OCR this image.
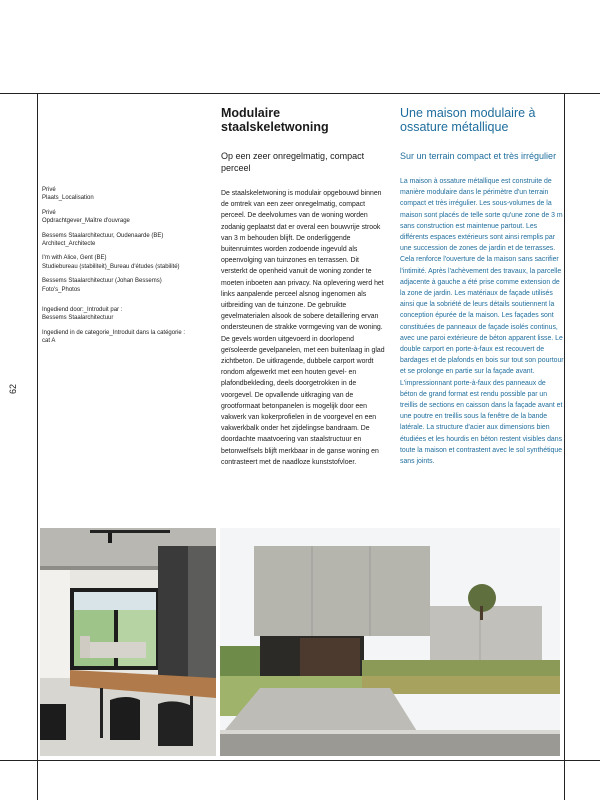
62
Privé
Plaats_Localisation
Privé
Opdrachtgever_Maître d'ouvrage
Bessems Staalarchitectuur, Oudenaarde (BE)
Architect_Architecte
I'm with Alice, Gent (BE)
Studiebureau (stabiliteit)_Bureau d'études (stabilité)
Bessems Staalarchitectuur (Johan Bessems)
Foto's_Photos
Ingediend door:_Introduit par :
Bessems Staalarchitectuur
Ingediend in de categorie_Introduit dans la catégorie :
cat A
Modulaire staalskeletwoning

Op een zeer onregelmatig, compact perceel

De staalskeletwoning is modulair opgebouwd binnen de omtrek van een zeer onregelmatig, compact perceel. De deelvolumes van de woning worden zodanig geplaatst dat er overal een bouwvrije strook van 3 m behouden blijft. De onderliggende buitenruimtes worden zodoende ingevuld als opeenvolging van tuinzones en terrassen. Dit versterkt de openheid vanuit de woning zonder te moeten inboeten aan privacy. Na oplevering werd het links aanpalende perceel alsnog ingenomen als uitbreiding van de tuinzone. De gebruikte gevelmaterialen alsook de sobere detaillering ervan ondersteunen de strakke vormgeving van de woning. De gevels worden uitgevoerd in doorlopend geïsoleerde gevelpanelen, met een buitenlaag in glad zichtbeton. De uitkragende, dubbele carport wordt rondom afgewerkt met een houten gevel- en plafondbekleding, deels doorgetrokken in de voorgevel. De opvallende uitkraging van de grootformaat betonpanelen is mogelijk door een vakwerk van kokerprofielen in de voorgevel en een vakwerkbalk onder het zijdelingse bandraam. De doordachte maatvoering van staalstructuur en betonwelfsels blijft merkbaar in de ganse woning en contrasteert met de naadloze kunststofvloer.

Une maison modulaire à ossature métallique

Sur un terrain compact et très irrégulier

La maison à ossature métallique est construite de manière modulaire dans le périmètre d'un terrain compact et très irrégulier. Les sous-volumes de la maison sont placés de telle sorte qu'une zone de 3 m sans construction est maintenue partout. Les différents espaces extérieurs sont ainsi remplis par une succession de zones de jardin et de terrasses. Cela renforce l'ouverture de la maison sans sacrifier l'intimité. Après l'achèvement des travaux, la parcelle adjacente à gauche a été prise comme extension de la zone de jardin. Les matériaux de façade utilisés ainsi que la sobriété de leurs détails soutiennent la conception épurée de la maison. Les façades sont constituées de panneaux de façade isolés continus, avec une paroi extérieure de béton apparent lisse. Le double carport en porte-à-faux est recouvert de bardages et de plafonds en bois sur tout son pourtour et se prolonge en partie sur la façade avant. L'impressionnant porte-à-faux des panneaux de béton de grand format est rendu possible par un treillis de sections en caisson dans la façade avant et une poutre en treillis sous la fenêtre de la bande latérale. La structure d'acier aux dimensions bien étudiées et les hourdis en béton restent visibles dans toute la maison et contrastent avec le sol synthétique sans joints.
